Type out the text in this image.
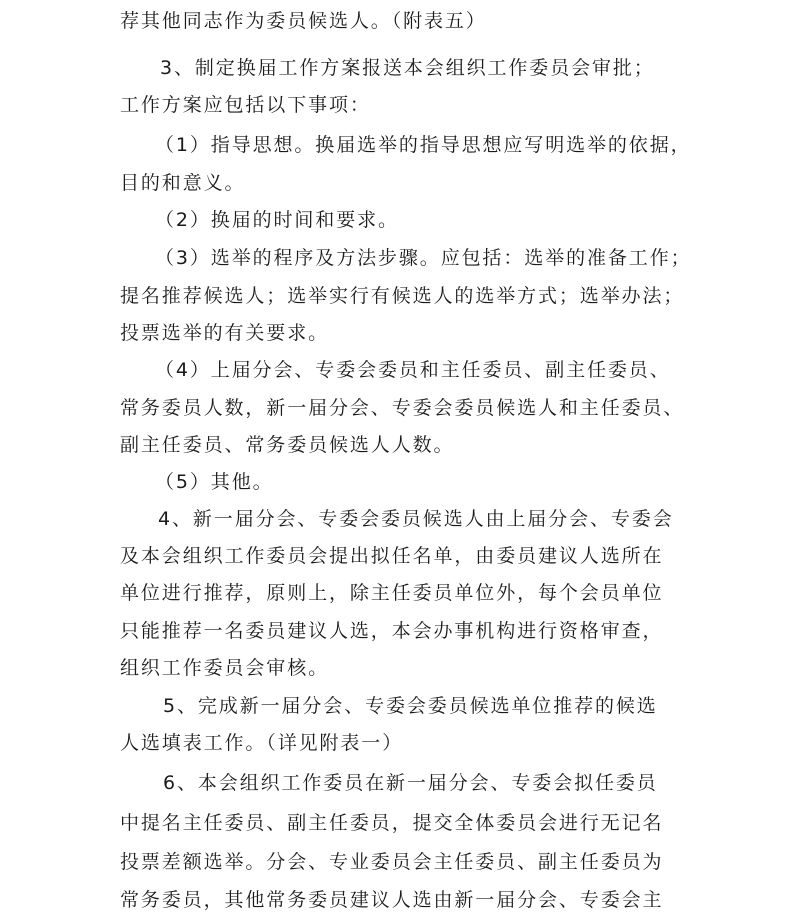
荐其他同志作为委员候选人。（附表五）
3、制定换届工作方案报送本会组织工作委员会审批；
工作方案应包括以下事项：
（1）指导思想。换届选举的指导思想应写明选举的依据，
目的和意义。
（2）换届的时间和要求。
（3）选举的程序及方法步骤。应包括：选举的准备工作；
提名推荐候选人；选举实行有候选人的选举方式；选举办法；
投票选举的有关要求。
（4）上届分会、专委会委员和主任委员、副主任委员、
常务委员人数，新一届分会、专委会委员候选人和主任委员、
副主任委员、常务委员候选人人数。
（5）其他。
4、新一届分会、专委会委员候选人由上届分会、专委会
及本会组织工作委员会提出拟任名单，由委员建议人选所在
单位进行推荐，原则上，除主任委员单位外，每个会员单位
只能推荐一名委员建议人选，本会办事机构进行资格审查，
组织工作委员会审核。
5、完成新一届分会、专委会委员候选单位推荐的候选
人选填表工作。（详见附表一）
6、本会组织工作委员在新一届分会、专委会拟任委员
中提名主任委员、副主任委员，提交全体委员会进行无记名
投票差额选举。分会、专业委员会主任委员、副主任委员为
常务委员，其他常务委员建议人选由新一届分会、专委会主
